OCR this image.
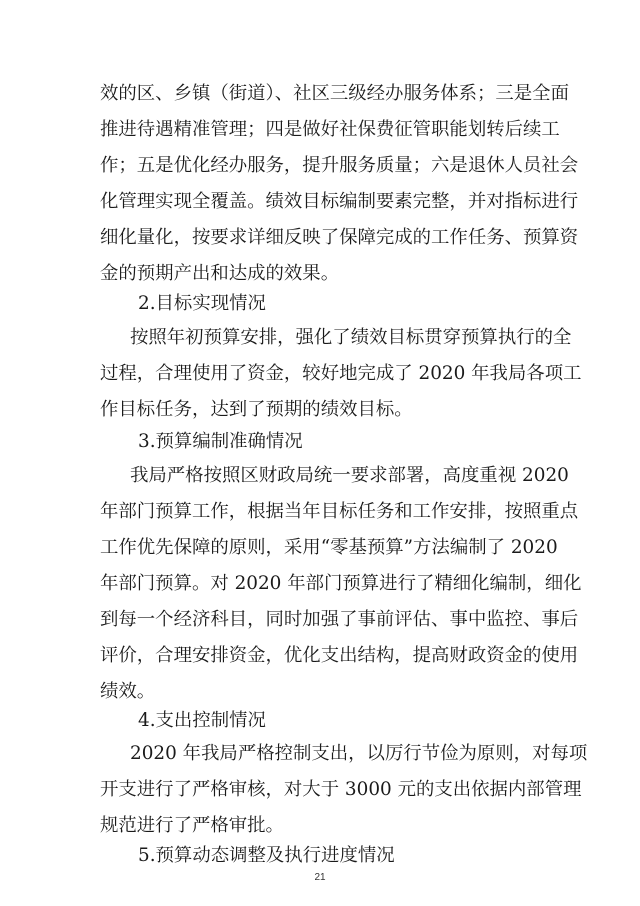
效的区、乡镇（街道）、社区三级经办服务体系；三是全面
推进待遇精准管理；四是做好社保费征管职能划转后续工
作；五是优化经办服务，提升服务质量；六是退休人员社会
化管理实现全覆盖。绩效目标编制要素完整，并对指标进行
细化量化，按要求详细反映了保障完成的工作任务、预算资
金的预期产出和达成的效果。
2.目标实现情况
按照年初预算安排，强化了绩效目标贯穿预算执行的全
过程，合理使用了资金，较好地完成了 2020 年我局各项工
作目标任务，达到了预期的绩效目标。
3.预算编制准确情况
我局严格按照区财政局统一要求部署，高度重视 2020
年部门预算工作，根据当年目标任务和工作安排，按照重点
工作优先保障的原则，采用“零基预算”方法编制了 2020
年部门预算。对 2020 年部门预算进行了精细化编制，细化
到每一个经济科目，同时加强了事前评估、事中监控、事后
评价，合理安排资金，优化支出结构，提高财政资金的使用
绩效。
4.支出控制情况
2020 年我局严格控制支出，以厉行节俭为原则，对每项
开支进行了严格审核，对大于 3000 元的支出依据内部管理
规范进行了严格审批。
5.预算动态调整及执行进度情况
21
